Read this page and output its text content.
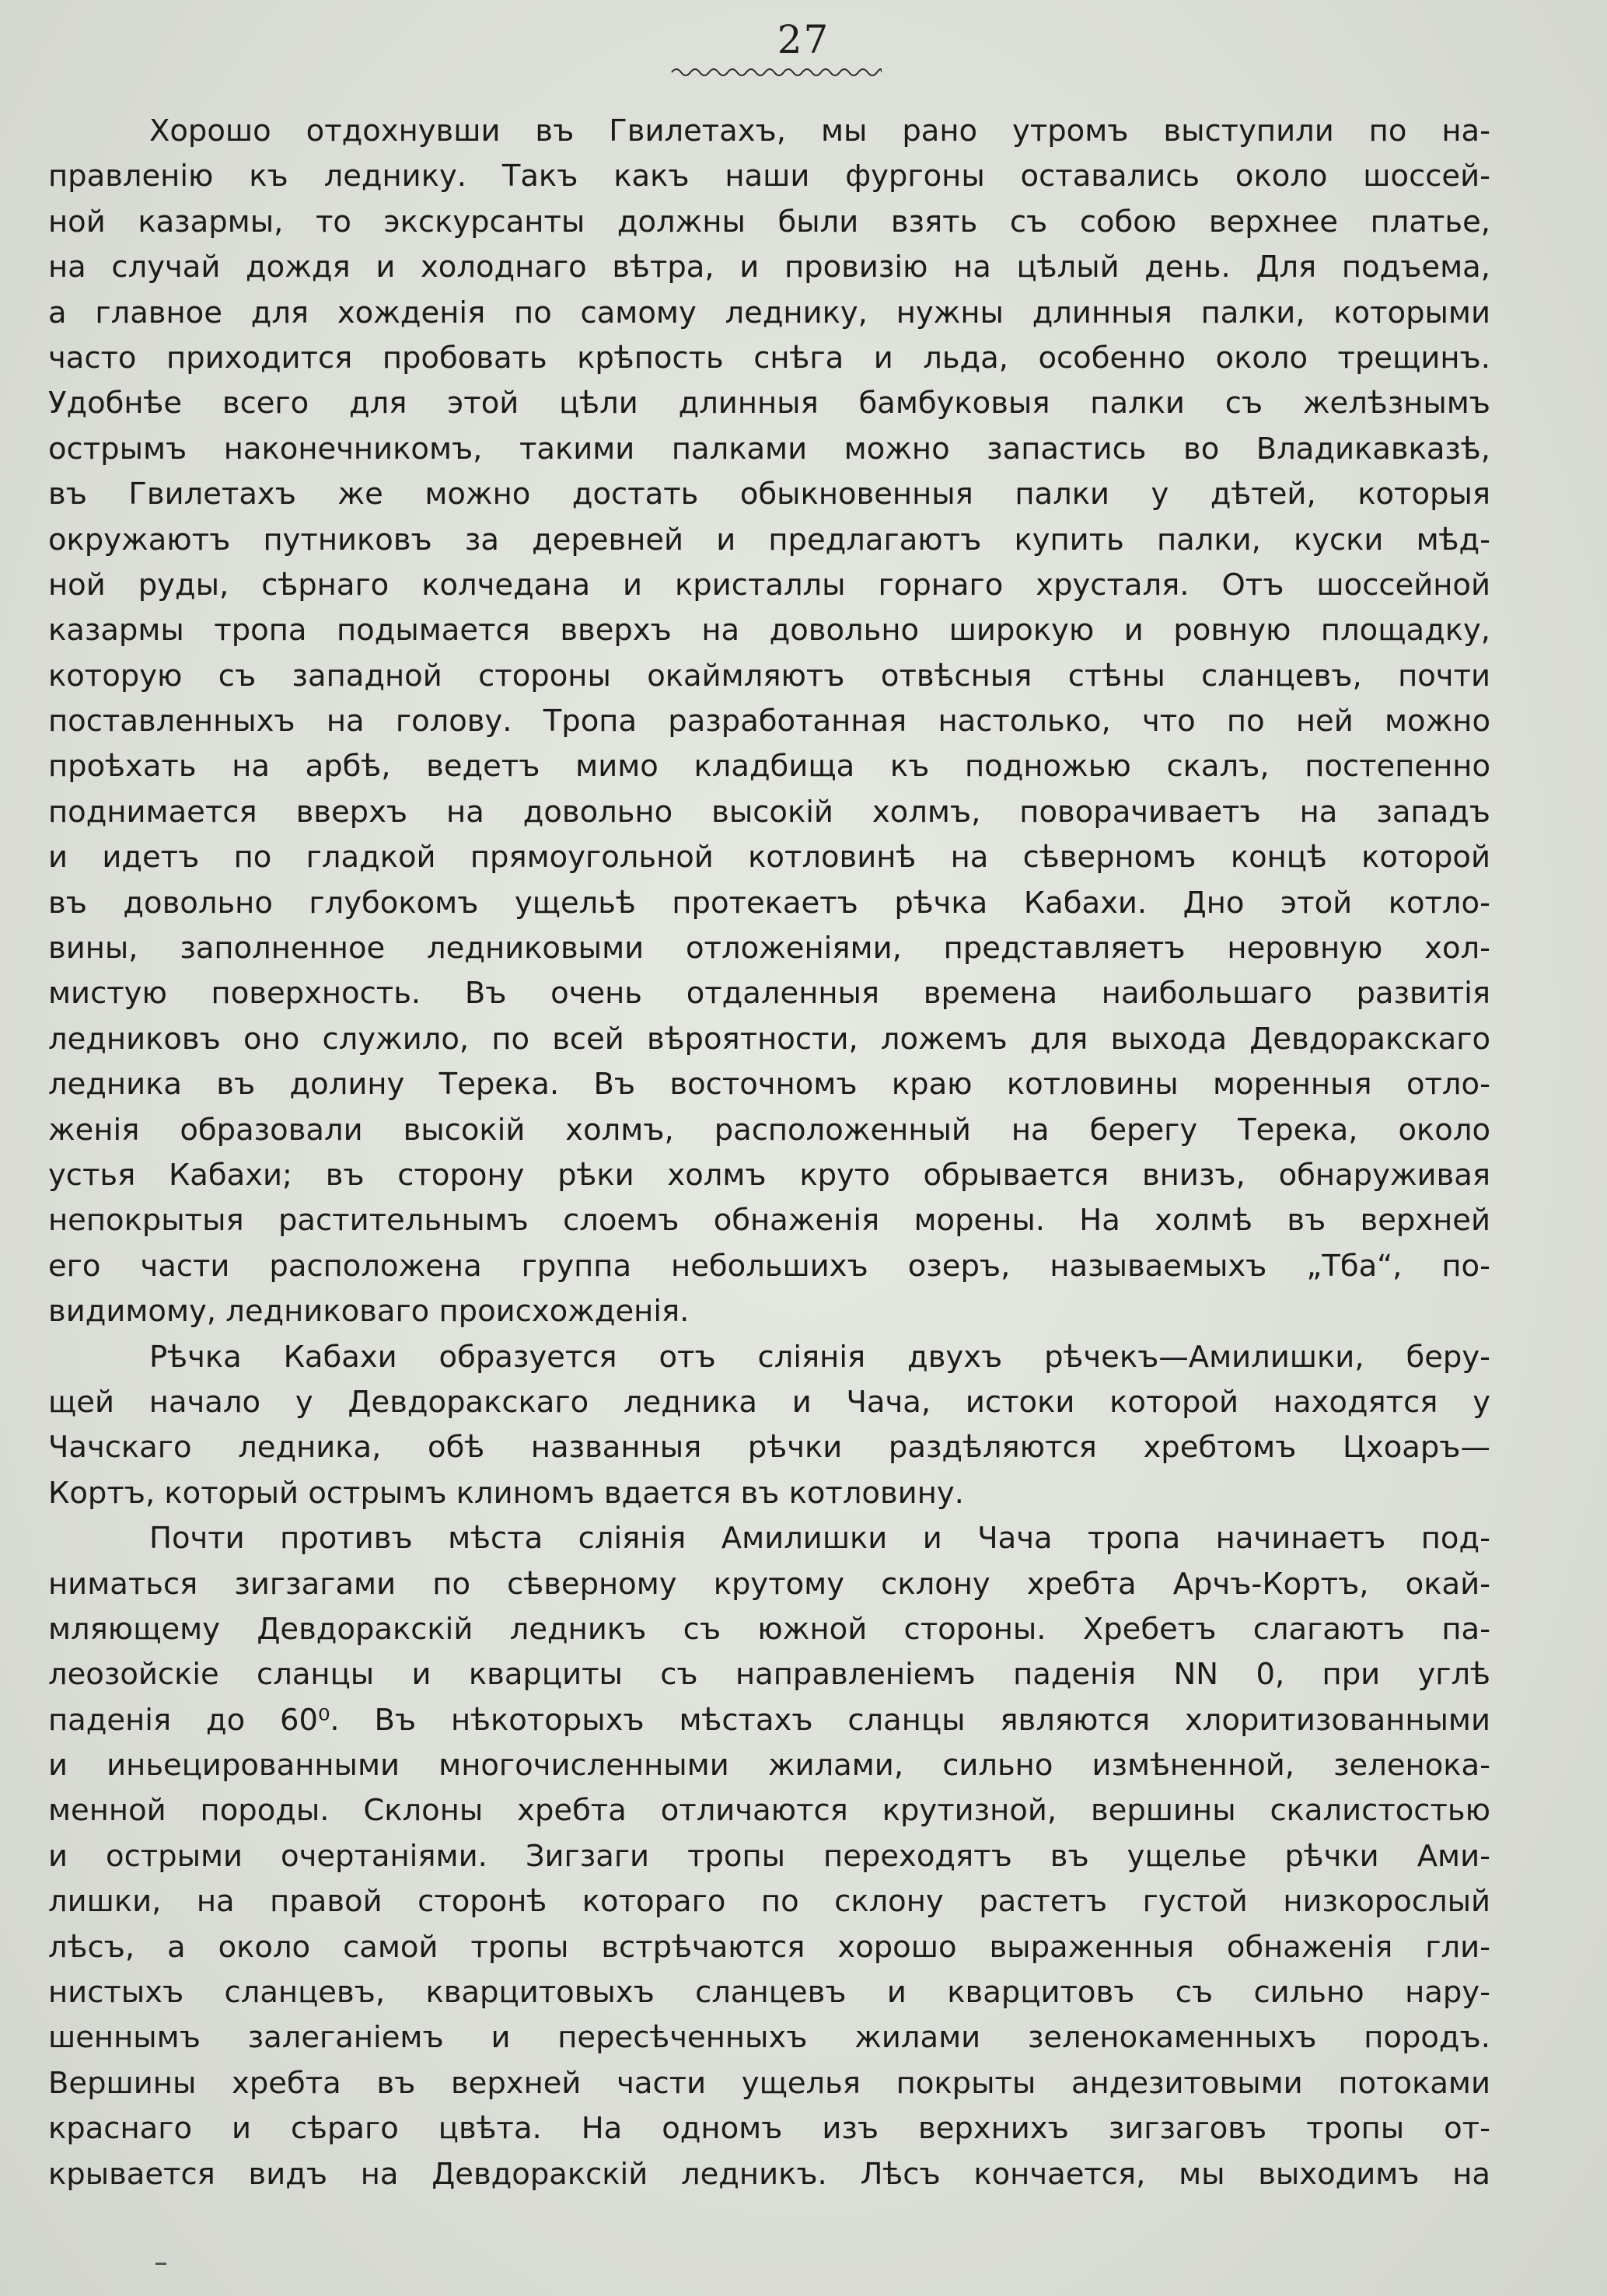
27
Хорошо отдохнувши въ Гвилетахъ, мы рано утромъ выступили по на-
правленію къ леднику. Такъ какъ наши фургоны оставались около шоссей-
ной казармы, то экскурсанты должны были взять съ собою верхнее платье,
на случай дождя и холоднаго вѣтра, и провизію на цѣлый день. Для подъема,
а главное для хожденія по самому леднику, нужны длинныя палки, которыми
часто приходится пробовать крѣпость снѣга и льда, особенно около трещинъ.
Удобнѣе всего для этой цѣли длинныя бамбуковыя палки съ желѣзнымъ
острымъ наконечникомъ, такими палками можно запастись во Владикавказѣ,
въ Гвилетахъ же можно достать обыкновенныя палки у дѣтей, которыя
окружаютъ путниковъ за деревней и предлагаютъ купить палки, куски мѣд-
ной руды, сѣрнаго колчедана и кристаллы горнаго хрусталя. Отъ шоссейной
казармы тропа подымается вверхъ на довольно широкую и ровную площадку,
которую съ западной стороны окаймляютъ отвѣсныя стѣны сланцевъ, почти
поставленныхъ на голову. Тропа разработанная настолько, что по ней можно
проѣхать на арбѣ, ведетъ мимо кладбища къ подножью скалъ, постепенно
поднимается вверхъ на довольно высокій холмъ, поворачиваетъ на западъ
и идетъ по гладкой прямоугольной котловинѣ на сѣверномъ концѣ которой
въ довольно глубокомъ ущельѣ протекаетъ рѣчка Кабахи. Дно этой котло-
вины, заполненное ледниковыми отложеніями, представляетъ неровную хол-
мистую поверхность. Въ очень отдаленныя времена наибольшаго развитія
ледниковъ оно служило, по всей вѣроятности, ложемъ для выхода Девдоракскаго
ледника въ долину Терека. Въ восточномъ краю котловины моренныя отло-
женія образовали высокій холмъ, расположенный на берегу Терека, около
устья Кабахи; въ сторону рѣки холмъ круто обрывается внизъ, обнаруживая
непокрытыя растительнымъ слоемъ обнаженія морены. На холмѣ въ верхней
его части расположена группа небольшихъ озеръ, называемыхъ „Тба“, по-
видимому, ледниковаго происхожденія.
Рѣчка Кабахи образуется отъ сліянія двухъ рѣчекъ—Амилишки, беру-
щей начало у Девдоракскаго ледника и Чача, истоки которой находятся у
Чачскаго ледника, обѣ названныя рѣчки раздѣляются хребтомъ Цхоаръ—
Кортъ, который острымъ клиномъ вдается въ котловину.
Почти противъ мѣста сліянія Амилишки и Чача тропа начинаетъ под-
ниматься зигзагами по сѣверному крутому склону хребта Арчъ-Кортъ, окай-
мляющему Девдоракскій ледникъ съ южной стороны. Хребетъ слагаютъ па-
леозойскіе сланцы и кварциты съ направленіемъ паденія NN 0, при углѣ
паденія до 60⁰. Въ нѣкоторыхъ мѣстахъ сланцы являются хлоритизованными
и иньецированными многочисленными жилами, сильно измѣненной, зеленока-
менной породы. Склоны хребта отличаются крутизной, вершины скалистостью
и острыми очертаніями. Зигзаги тропы переходятъ въ ущелье рѣчки Ами-
лишки, на правой сторонѣ котораго по склону растетъ густой низкорослый
лѣсъ, а около самой тропы встрѣчаются хорошо выраженныя обнаженія гли-
нистыхъ сланцевъ, кварцитовыхъ сланцевъ и кварцитовъ съ сильно нару-
шеннымъ залеганіемъ и пересѣченныхъ жилами зеленокаменныхъ породъ.
Вершины хребта въ верхней части ущелья покрыты андезитовыми потоками
краснаго и сѣраго цвѣта. На одномъ изъ верхнихъ зигзаговъ тропы от-
крывается видъ на Девдоракскій ледникъ. Лѣсъ кончается, мы выходимъ на
